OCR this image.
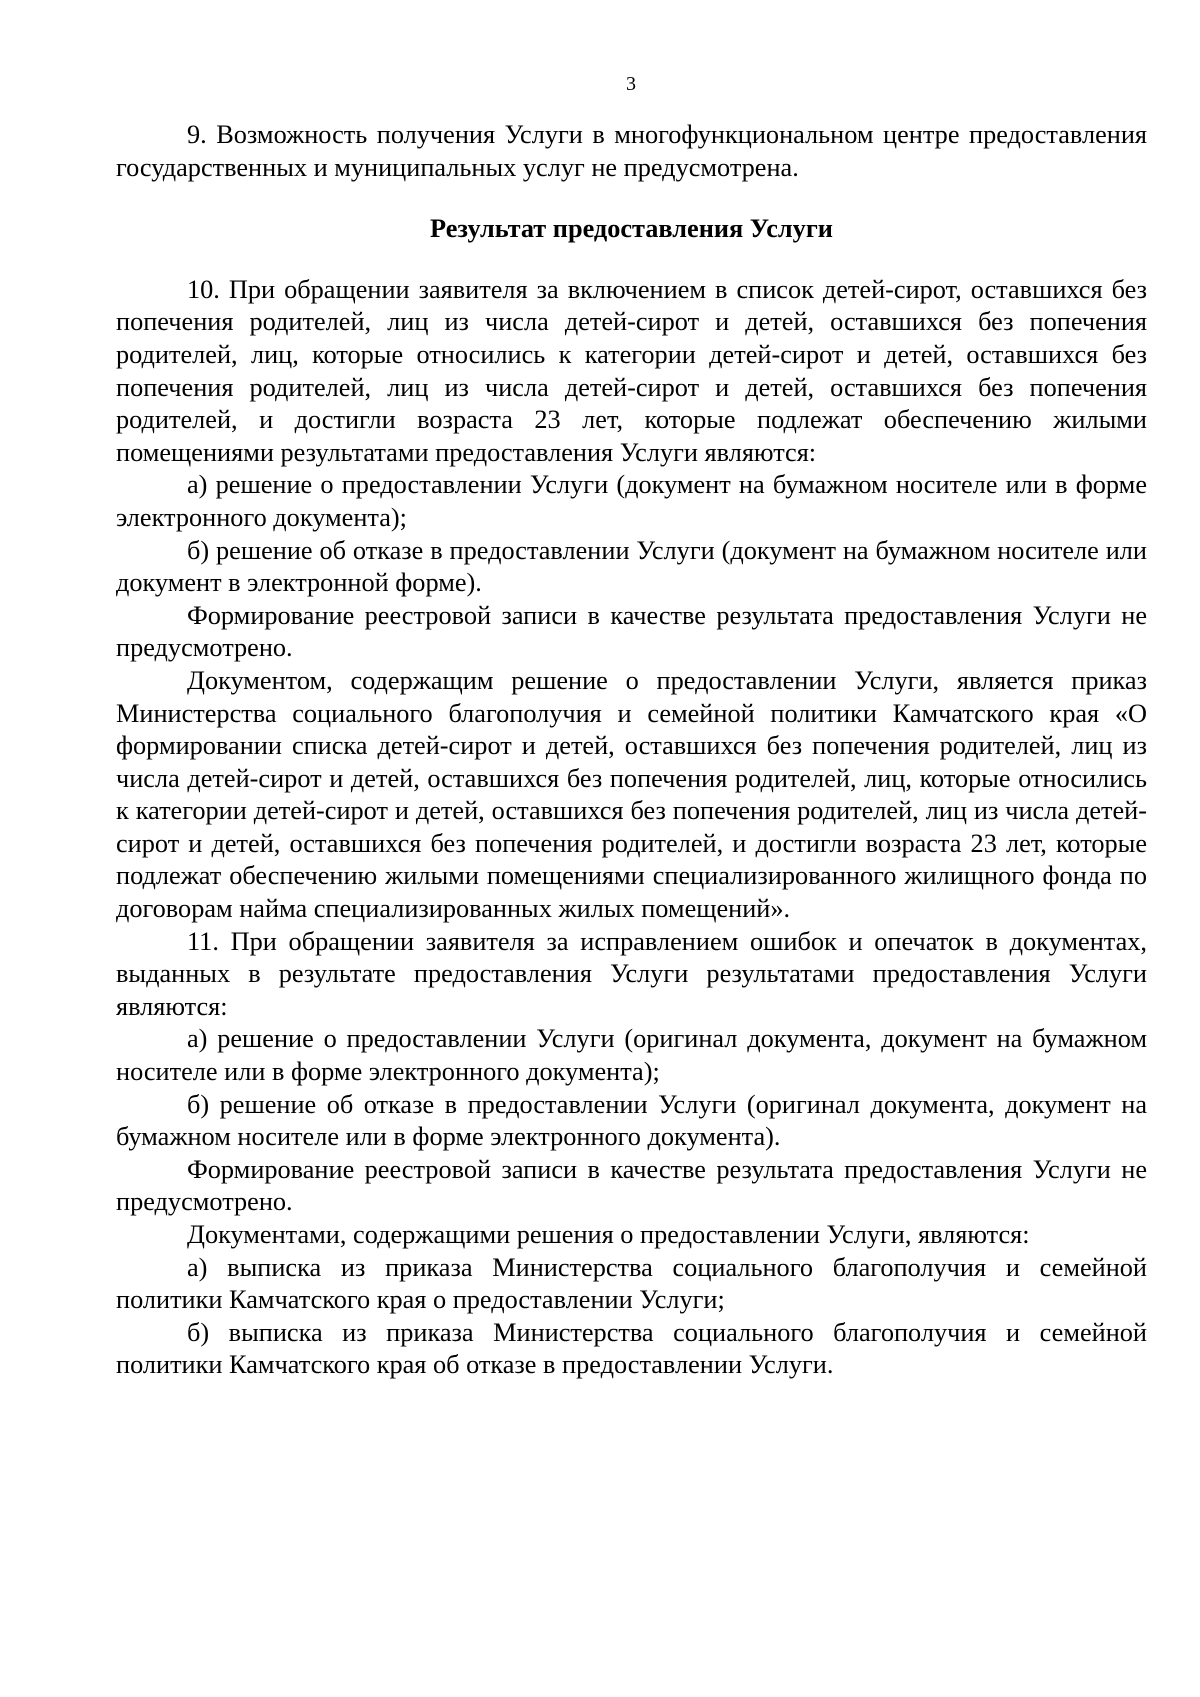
3

9. Возможность получения Услуги в многофункциональном центре предоставления государственных и муниципальных услуг не предусмотрена.

Результат предоставления Услуги

10. При обращении заявителя за включением в список детей-сирот, оставшихся без попечения родителей, лиц из числа детей-сирот и детей, оставшихся без попечения родителей, лиц, которые относились к категории детей-сирот и детей, оставшихся без попечения родителей, лиц из числа детей-сирот и детей, оставшихся без попечения родителей, и достигли возраста 23 лет, которые подлежат обеспечению жилыми помещениями результатами предоставления Услуги являются:

а) решение о предоставлении Услуги (документ на бумажном носителе или в форме электронного документа);

б) решение об отказе в предоставлении Услуги (документ на бумажном носителе или документ в электронной форме).

Формирование реестровой записи в качестве результата предоставления Услуги не предусмотрено.

Документом, содержащим решение о предоставлении Услуги, является приказ Министерства социального благополучия и семейной политики Камчатского края «О формировании списка детей-сирот и детей, оставшихся без попечения родителей, лиц из числа детей-сирот и детей, оставшихся без попечения родителей, лиц, которые относились к категории детей-сирот и детей, оставшихся без попечения родителей, лиц из числа детей-сирот и детей, оставшихся без попечения родителей, и достигли возраста 23 лет, которые подлежат обеспечению жилыми помещениями специализированного жилищного фонда по договорам найма специализированных жилых помещений».

11. При обращении заявителя за исправлением ошибок и опечаток в документах, выданных в результате предоставления Услуги результатами предоставления Услуги являются:

а) решение о предоставлении Услуги (оригинал документа, документ на бумажном носителе или в форме электронного документа);

б) решение об отказе в предоставлении Услуги (оригинал документа, документ на бумажном носителе или в форме электронного документа).

Формирование реестровой записи в качестве результата предоставления Услуги не предусмотрено.

Документами, содержащими решения о предоставлении Услуги, являются:

а) выписка из приказа Министерства социального благополучия и семейной политики Камчатского края о предоставлении Услуги;

б) выписка из приказа Министерства социального благополучия и семейной политики Камчатского края об отказе в предоставлении Услуги.
